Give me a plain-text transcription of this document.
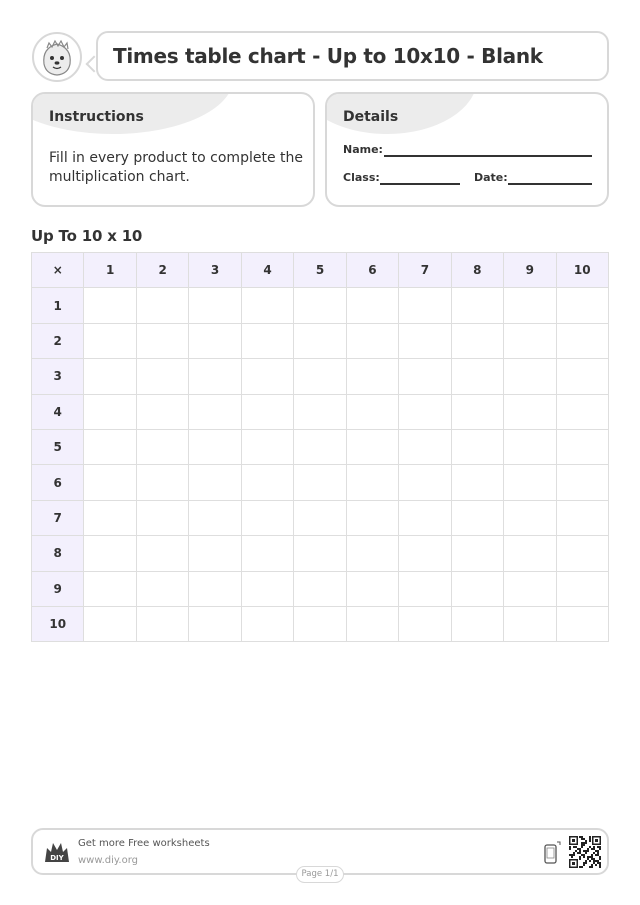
Times table chart - Up to 10x10 - Blank
Instructions
Fill in every product to complete the multiplication chart.
Details
Name:
Class:	Date:
Up To 10 x 10
×	1	2	3	4	5	6	7	8	9	10
1										
2										
3										
4										
5										
6										
7										
8										
9										
10										
DIY
Get more Free worksheets
www.diy.org
Page 1/1
